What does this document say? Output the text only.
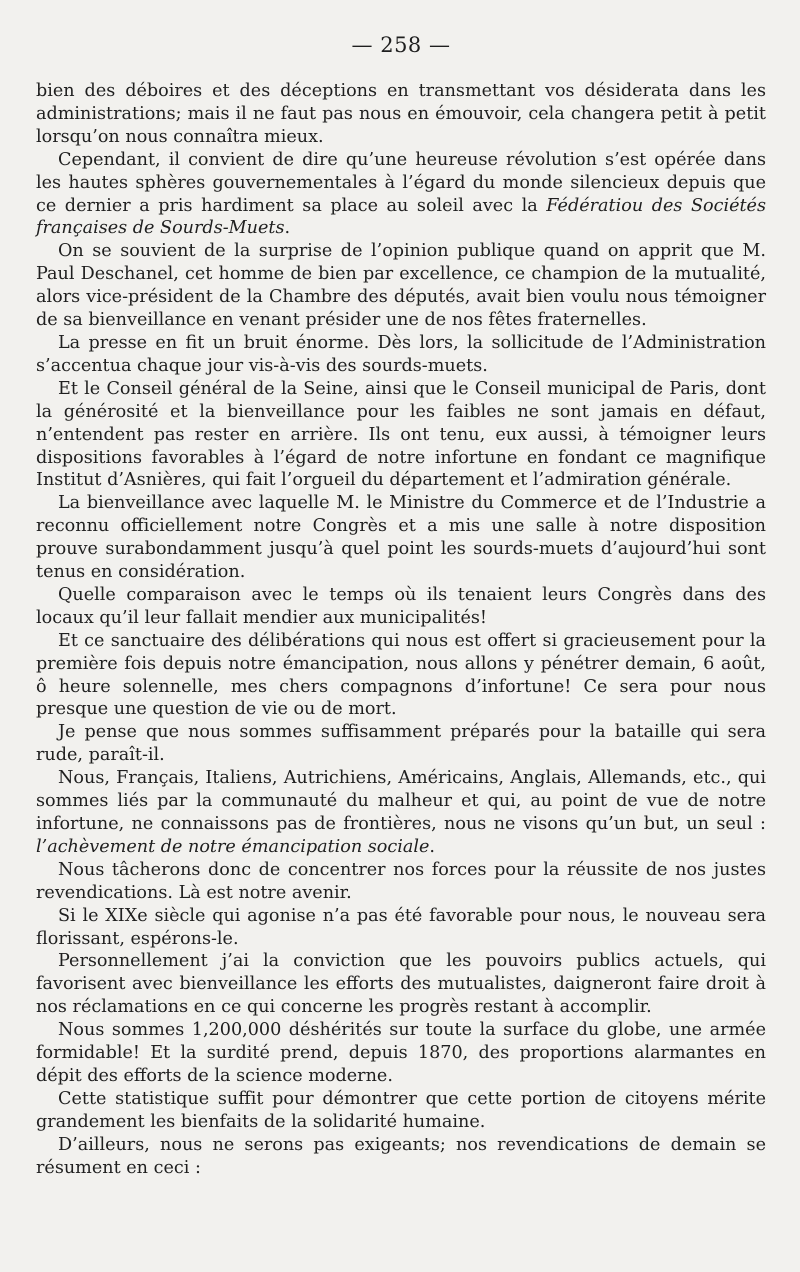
— 258 —

bien des déboires et des déceptions en transmettant vos désiderata dans les administrations; mais il ne faut pas nous en émouvoir, cela changera petit à petit lorsqu’on nous connaîtra mieux.

Cependant, il convient de dire qu’une heureuse révolution s’est opérée dans les hautes sphères gouvernementales à l’égard du monde silencieux depuis que ce dernier a pris hardiment sa place au soleil avec la Fédératiou des Sociétés françaises de Sourds-Muets.

On se souvient de la surprise de l’opinion publique quand on apprit que M. Paul Deschanel, cet homme de bien par excellence, ce champion de la mutualité, alors vice-président de la Chambre des députés, avait bien voulu nous témoigner de sa bienveillance en venant présider une de nos fêtes fraternelles.

La presse en fit un bruit énorme. Dès lors, la sollicitude de l’Administration s’accentua chaque jour vis-à-vis des sourds-muets.

Et le Conseil général de la Seine, ainsi que le Conseil municipal de Paris, dont la générosité et la bienveillance pour les faibles ne sont jamais en défaut, n’entendent pas rester en arrière. Ils ont tenu, eux aussi, à témoigner leurs dispositions favorables à l’égard de notre infortune en fondant ce magnifique Institut d’Asnières, qui fait l’orgueil du département et l’admiration générale.

La bienveillance avec laquelle M. le Ministre du Commerce et de l’Industrie a reconnu officiellement notre Congrès et a mis une salle à notre disposition prouve surabondamment jusqu’à quel point les sourds-muets d’aujourd’hui sont tenus en considération.

Quelle comparaison avec le temps où ils tenaient leurs Congrès dans des locaux qu’il leur fallait mendier aux municipalités!

Et ce sanctuaire des délibérations qui nous est offert si gracieusement pour la première fois depuis notre émancipation, nous allons y pénétrer demain, 6 août, ô heure solennelle, mes chers compagnons d’infortune! Ce sera pour nous presque une question de vie ou de mort.

Je pense que nous sommes suffisamment préparés pour la bataille qui sera rude, paraît-il.

Nous, Français, Italiens, Autrichiens, Américains, Anglais, Allemands, etc., qui sommes liés par la communauté du malheur et qui, au point de vue de notre infortune, ne connaissons pas de frontières, nous ne visons qu’un but, un seul : l’achèvement de notre émancipation sociale.

Nous tâcherons donc de concentrer nos forces pour la réussite de nos justes revendications. Là est notre avenir.

Si le XIXe siècle qui agonise n’a pas été favorable pour nous, le nouveau sera florissant, espérons-le.

Personnellement j’ai la conviction que les pouvoirs publics actuels, qui favorisent avec bienveillance les efforts des mutualistes, daigneront faire droit à nos réclamations en ce qui concerne les progrès restant à accomplir.

Nous sommes 1,200,000 déshérités sur toute la surface du globe, une armée formidable! Et la surdité prend, depuis 1870, des proportions alarmantes en dépit des efforts de la science moderne.

Cette statistique suffit pour démontrer que cette portion de citoyens mérite grandement les bienfaits de la solidarité humaine.

D’ailleurs, nous ne serons pas exigeants; nos revendications de demain se résument en ceci :
